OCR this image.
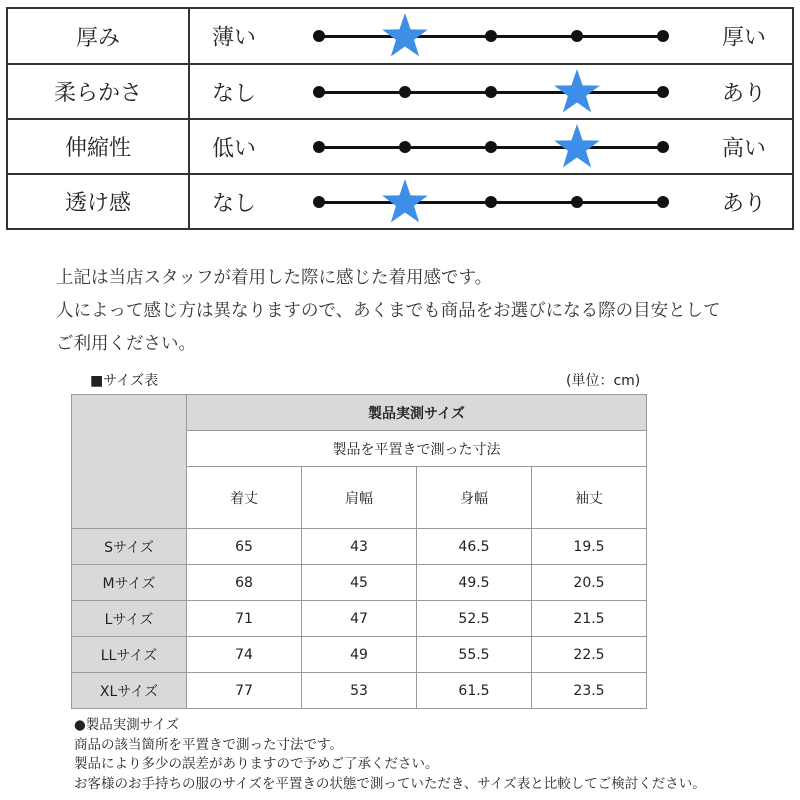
厚み	薄い	厚い
柔らかさ	なし	あり
伸縮性	低い	高い
透け感	なし	あり

上記は当店スタッフが着用した際に感じた着用感です。

人によって感じ方は異なりますので、あくまでも商品をお選びになる際の目安として

ご利用ください。

■サイズ表	(単位：cm)
	製品実測サイズ			
	製品を平置きで測った寸法			
	着丈	肩幅	身幅	袖丈
Sサイズ	65	43	46.5	19.5
Mサイズ	68	45	49.5	20.5
Lサイズ	71	47	52.5	21.5
LLサイズ	74	49	55.5	22.5
XLサイズ	77	53	61.5	23.5

●製品実測サイズ

商品の該当箇所を平置きで測った寸法です。

製品により多少の誤差がありますので予めご了承ください。

お客様のお手持ちの服のサイズを平置きの状態で測っていただき、サイズ表と比較してご検討ください。
